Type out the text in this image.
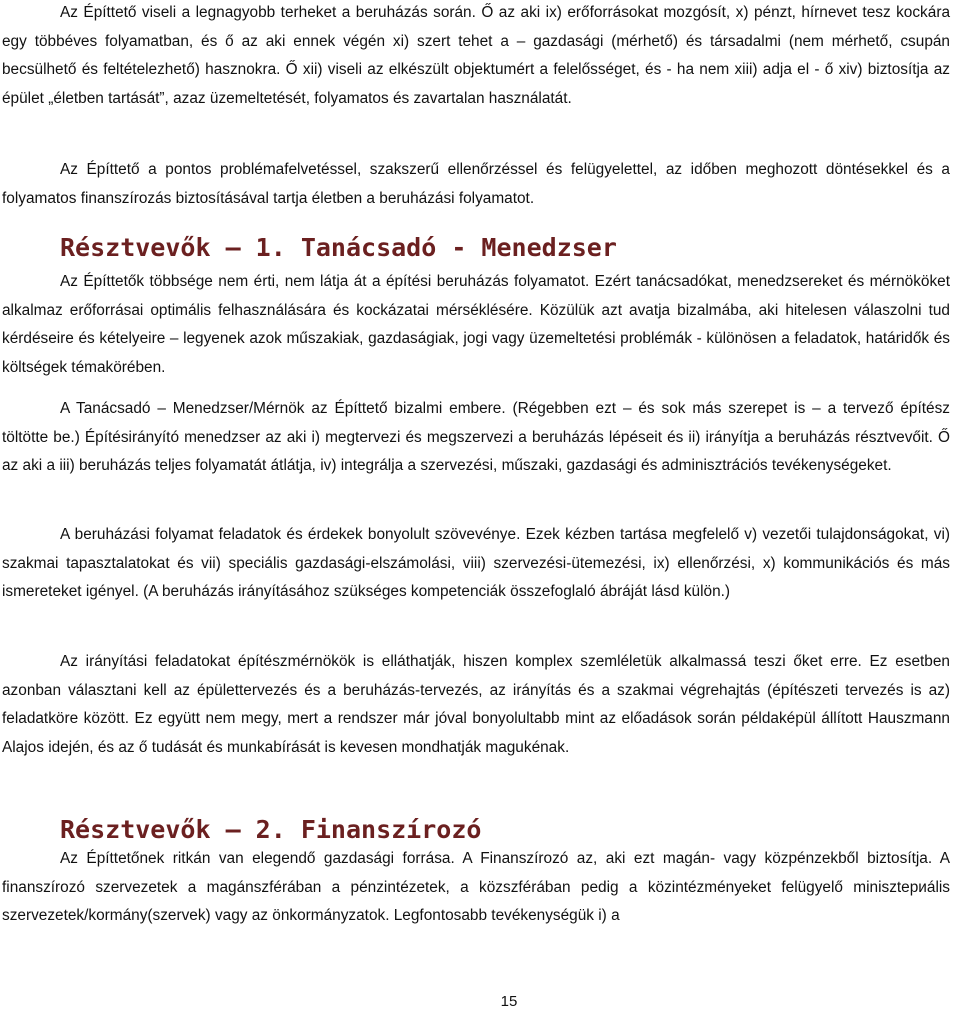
Az Építtető viseli a legnagyobb terheket a beruházás során. Ő az aki ix) erőforrásokat mozgósít, x) pénzt, hírnevet tesz kockára egy többéves folyamatban, és ő az aki ennek végén xi) szert tehet a – gazdasági (mérhető) és társadalmi (nem mérhető, csupán becsülhető és feltételezhető) hasznokra. Ő xii) viseli az elkészült objektumért a felelősséget, és - ha nem xiii) adja el - ő xiv) biztosítja az épület „életben tartását”, azaz üzemeltetését, folyamatos és zavartalan használatát.

Az Építtető a pontos problémafelvetéssel, szakszerű ellenőrzéssel és felügyelettel, az időben meghozott döntésekkel és a folyamatos finanszírozás biztosításával tartja életben a beruházási folyamatot.

Résztvevők – 1. Tanácsadó - Menedzser

Az Építtetők többsége nem érti, nem látja át a építési beruházás folyamatot. Ezért tanácsadókat, menedzsereket és mérnököket alkalmaz erőforrásai optimális felhasználására és kockázatai mérséklésére. Közülük azt avatja bizalmába, aki hitelesen válaszolni tud kérdéseire és kételyeire – legyenek azok műszakiak, gazdaságiak, jogi vagy üzemeltetési problémák - különösen a feladatok, határidők és költségek témakörében.

A Tanácsadó – Menedzser/Mérnök az Építtető bizalmi embere. (Régebben ezt – és sok más szerepet is – a tervező építész töltötte be.) Építésirányító menedzser az aki i) megtervezi és megszervezi a beruházás lépéseit és ii) irányítja a beruházás résztvevőit. Ő az aki a iii) beruházás teljes folyamatát átlátja, iv) integrálja a szervezési, műszaki, gazdasági és adminisztrációs tevékenységeket.

A beruházási folyamat feladatok és érdekek bonyolult szövevénye. Ezek kézben tartása megfelelő v) vezetői tulajdonságokat, vi) szakmai tapasztalatokat és vii) speciális gazdasági-elszámolási, viii) szervezési-ütemezési, ix) ellenőrzési, x) kommunikációs és más ismereteket igényel. (A beruházás irányításához szükséges kompetenciák összefoglaló ábráját lásd külön.)

Az irányítási feladatokat építészmérnökök is elláthatják, hiszen komplex szemléletük alkalmassá teszi őket erre. Ez esetben azonban választani kell az épülettervezés és a beruházás-tervezés, az irányítás és a szakmai végrehajtás (építészeti tervezés is az) feladatköre között. Ez együtt nem megy, mert a rendszer már jóval bonyolultabb mint az előadások során példaképül állított Hauszmann Alajos idején, és az ő tudását és munkabírását is kevesen mondhatják magukénak.

Résztvevők – 2. Finanszírozó

Az Építtetőnek ritkán van elegendő gazdasági forrása. A Finanszírozó az, aki ezt magán- vagy közpénzekből biztosítja. A finanszírozó szervezetek a magánszférában a pénzintézetek, a közszférában pedig a közintézményeket felügyelő minisztериális szervezetek/kormány(szervek) vagy az önkormányzatok. Legfontosabb tevékenységük i) a

15
